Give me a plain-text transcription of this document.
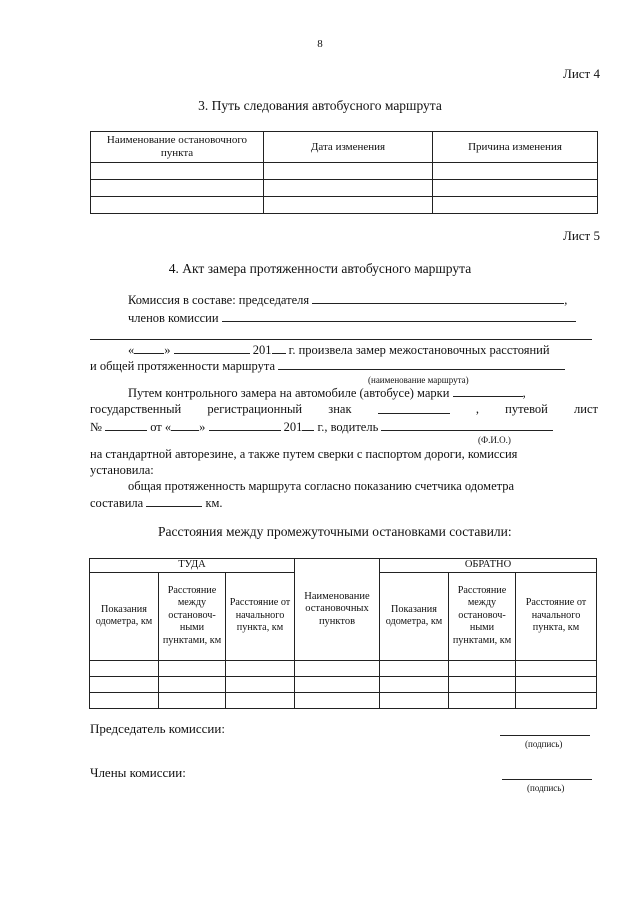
8
Лист 4
3. Путь следования автобусного маршрута
Наименование остановочного пункта	Дата изменения	Причина изменения

Лист 5
4. Акт замера протяженности автобусного маршрута
Комиссия в составе: председателя	,
членов комиссии
« »	201 г. произвела замер межостановочных расстояний
и общей протяженности маршрута
(наименование маршрута)
Путем контрольного замера на автомобиле (автобусе) марки	,
государственный регистрационный знак	, путевой лист
№	от « »	201 г., водитель
(Ф.И.О.)
на стандартной авторезине, а также путем сверки с паспортом дороги, комиссия
установила:
общая протяженность маршрута согласно показанию счетчика одометра
составила	км.
Расстояния между промежуточными остановками составили:
ТУДА			Наименование остановочных пунктов	ОБРАТНО		
Показания одометра, км	Расстояние между остановоч-ными пунктами, км	Расстояние от начального пункта, км		Показания одометра, км	Расстояние между остановоч-ными пунктами, км	Расстояние от начального пункта, км

Председатель комиссии:
(подпись)
Члены комиссии:
(подпись)
